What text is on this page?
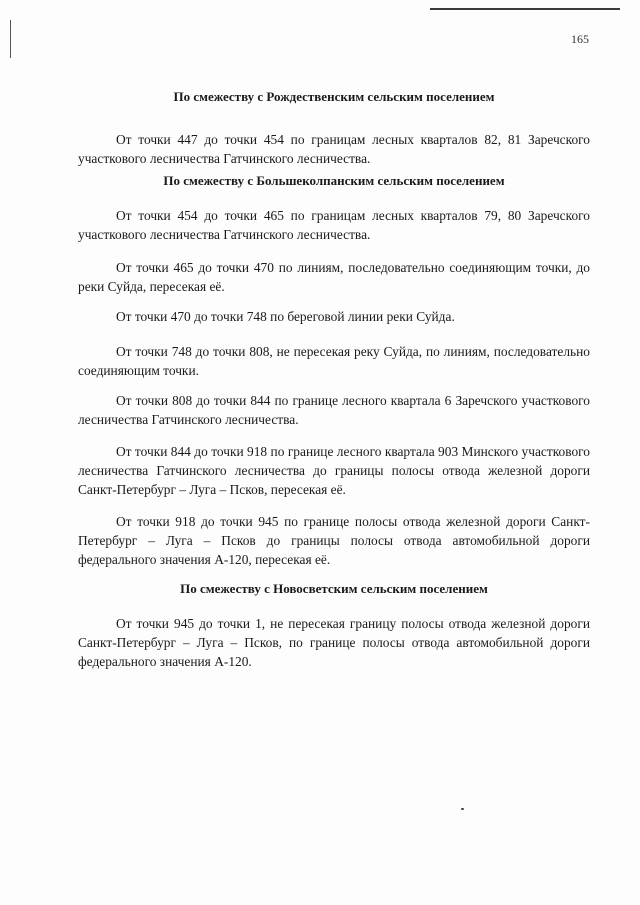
165
По смежеству с Рождественским сельским поселением

От точки 447 до точки 454 по границам лесных кварталов 82, 81 Заречского участкового лесничества Гатчинского лесничества.

По смежеству с Большеколпанским сельским поселением

От точки 454 до точки 465 по границам лесных кварталов 79, 80 Заречского участкового лесничества Гатчинского лесничества.

От точки 465 до точки 470 по линиям, последовательно соединяющим точки, до реки Суйда, пересекая её.

От точки 470 до точки 748 по береговой линии реки Суйда.

От точки 748 до точки 808, не пересекая реку Суйда, по линиям, последовательно соединяющим точки.

От точки 808 до точки 844 по границе лесного квартала 6 Заречского участкового лесничества Гатчинского лесничества.

От точки 844 до точки 918 по границе лесного квартала 903 Минского участкового лесничества Гатчинского лесничества до границы полосы отвода железной дороги Санкт-Петербург – Луга – Псков, пересекая её.

От точки 918 до точки 945 по границе полосы отвода железной дороги Санкт-Петербург – Луга – Псков до границы полосы отвода автомобильной дороги федерального значения А-120, пересекая её.

По смежеству с Новосветским сельским поселением

От точки 945 до точки 1, не пересекая границу полосы отвода железной дороги Санкт-Петербург – Луга – Псков, по границе полосы отвода автомобильной дороги федерального значения А-120.
